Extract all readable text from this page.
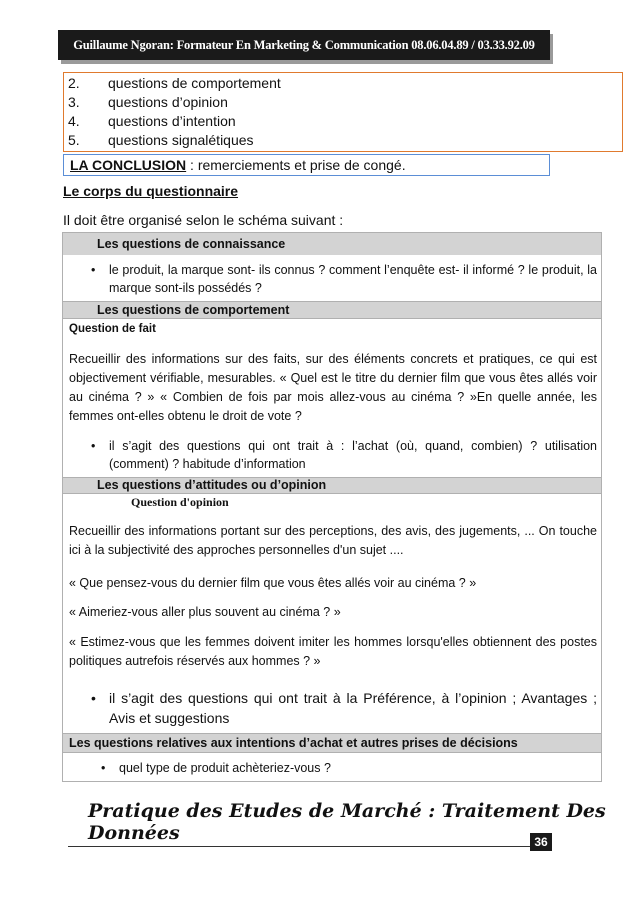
Guillaume Ngoran: Formateur En Marketing & Communication 08.06.04.89 / 03.33.92.09
2. questions de comportement
3. questions d’opinion
4. questions d’intention
5. questions signalétiques
LA CONCLUSION : remerciements et prise de congé.
Le corps du questionnaire
Il doit être organisé selon le schéma suivant :
Les questions de connaissance
• le produit, la marque sont- ils connus ? comment l’enquête est- il informé ? le produit, la marque sont-ils possédés ?
Les questions de comportement
Question de fait
Recueillir des informations sur des faits, sur des éléments concrets et pratiques, ce qui est objectivement vérifiable, mesurables. « Quel est le titre du dernier film que vous êtes allés voir au cinéma ? » « Combien de fois par mois allez-vous au cinéma ? »En quelle année, les femmes ont-elles obtenu le droit de vote ?
• il s’agit des questions qui ont trait à : l’achat (où, quand, combien) ? utilisation (comment) ? habitude d’information
Les questions d’attitudes ou d’opinion
Question d'opinion
Recueillir des informations portant sur des perceptions, des avis, des jugements, ... On touche ici à la subjectivité des approches personnelles d'un sujet ....
« Que pensez-vous du dernier film que vous êtes allés voir au cinéma ? »
« Aimeriez-vous aller plus souvent au cinéma ? »
« Estimez-vous que les femmes doivent imiter les hommes lorsqu'elles obtiennent des postes politiques autrefois réservés aux hommes ? »
• il s’agit des questions qui ont trait à la Préférence, à l’opinion ; Avantages ; Avis et suggestions
Les questions relatives aux intentions d’achat et autres prises de décisions
• quel type de produit achèteriez-vous ?
Pratique des Etudes de Marché : Traitement Des Données	36
